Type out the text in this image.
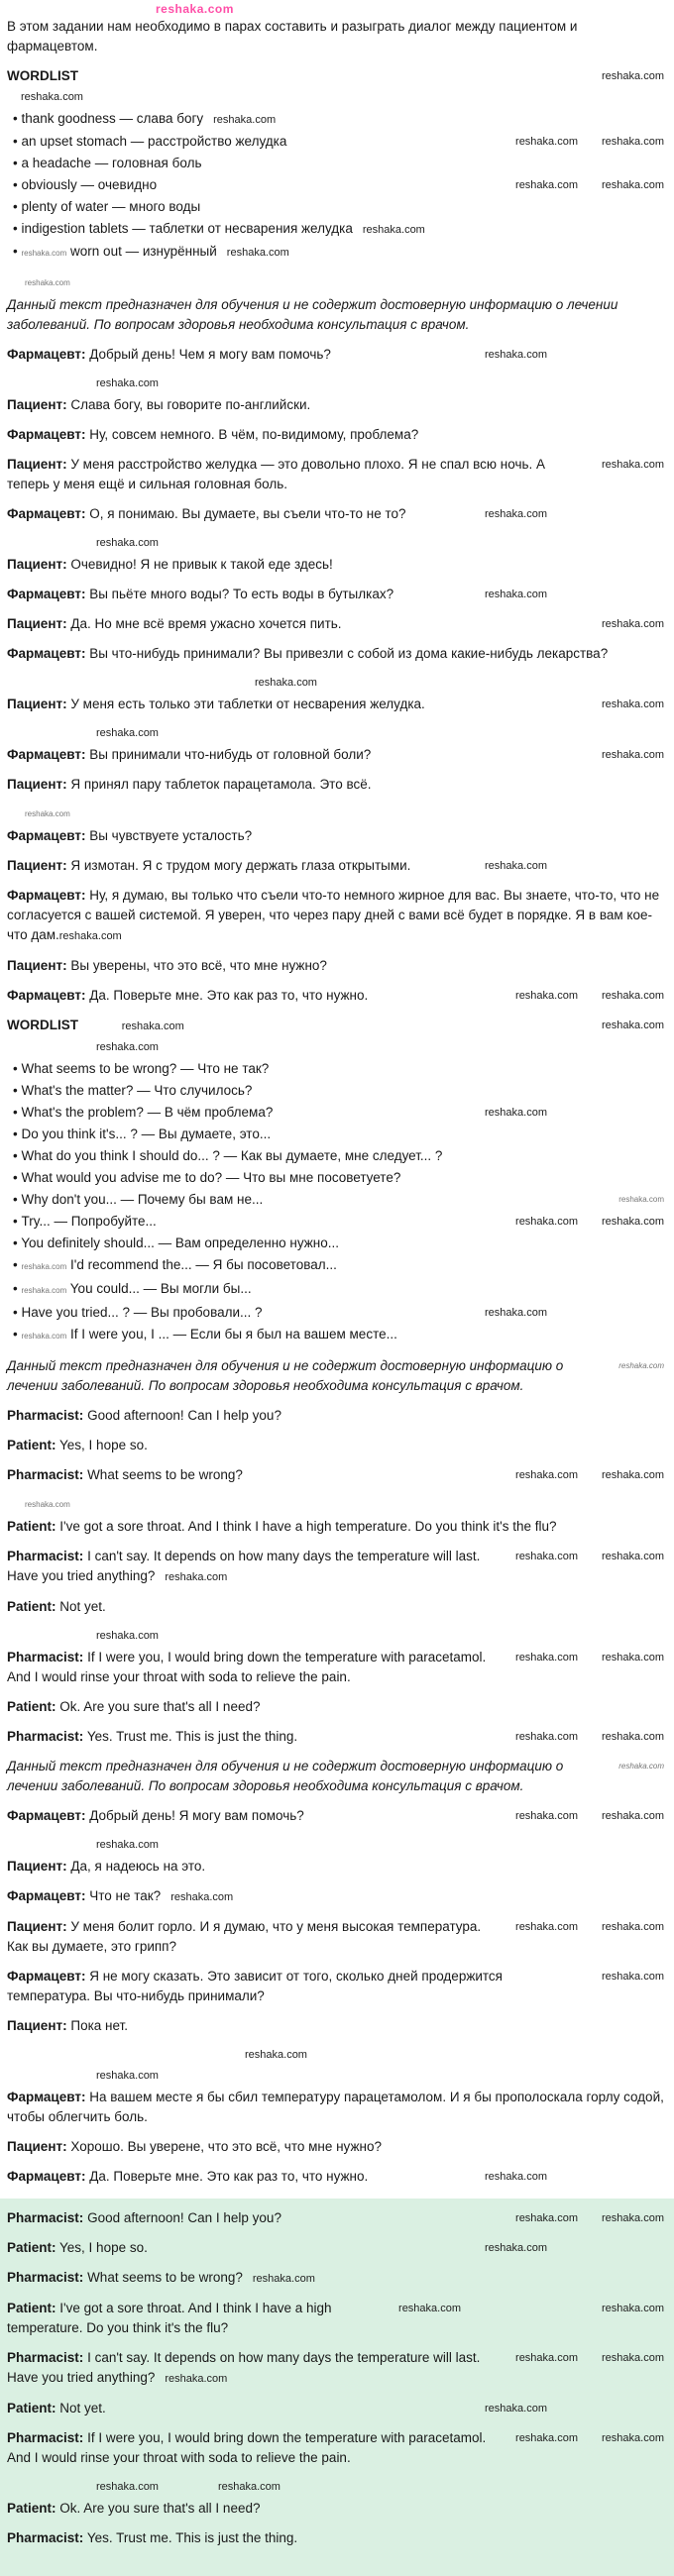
reshaka.com

В этом задании нам необходимо в парах составить и разыграть диалог между пациентом и фармацевтом.

reshaka.com
WORDLIST
reshaka.com
• thank goodness — слава богу reshaka.com
• reshaka.com
reshaka.com
an upset stomach — расстройство желудка
• a headache — головная боль
• reshaka.com
reshaka.com
obviously — очевидно
• plenty of water — много воды
• indigestion tablets — таблетки от несварения желудка reshaka.com
• reshaka.com worn out — изнурённый reshaka.com
reshaka.com

Данный текст предназначен для обучения и не содержит достоверную информацию о лечении заболеваний. По вопросам здоровья необходима консультация с врачом.

reshaka.com
Фармацевт: Добрый день! Чем я могу вам помочь?

reshaka.com

Пациент: Слава богу, вы говорите по-английски.

Фармацевт: Ну, совсем немного. В чём, по-видимому, проблема?

reshaka.com
Пациент: У меня расстройство желудка — это довольно плохо. Я не спал всю ночь. А теперь у меня ещё и сильная головная боль.

reshaka.com
Фармацевт: О, я понимаю. Вы думаете, вы съели что-то не то?

reshaka.com

Пациент: Очевидно! Я не привык к такой еде здесь!

reshaka.com
Фармацевт: Вы пьёте много воды? То есть воды в бутылках?

reshaka.com
Пациент: Да. Но мне всё время ужасно хочется пить.

Фармацевт: Вы что-нибудь принимали? Вы привезли с собой из дома какие-нибудь лекарства?

reshaka.com

reshaka.com
Пациент: У меня есть только эти таблетки от несварения желудка.

reshaka.com

reshaka.com
Фармацевт: Вы принимали что-нибудь от головной боли?

Пациент: Я принял пару таблеток парацетамола. Это всё.

reshaka.com

Фармацевт: Вы чувствуете усталость?

reshaka.com
Пациент: Я измотан. Я с трудом могу держать глаза открытыми.

Фармацевт: Ну, я думаю, вы только что съели что-то немного жирное для вас. Вы знаете, что-то, что не согласуется с вашей системой. Я уверен, что через пару дней с вами всё будет в порядке. Я в вам кое-что дам.reshaka.com

Пациент: Вы уверены, что это всё, что мне нужно?

reshaka.com
reshaka.com
Фармацевт: Да. Поверьте мне. Это как раз то, что нужно.

reshaka.com
WORDLIST	reshaka.com
reshaka.com
• What seems to be wrong? — Что не так?
• What's the matter? — Что случилось?
• reshaka.com
What's the problem? — В чём проблема?
• Do you think it's... ? — Вы думаете, это...
• What do you think I should do... ? — Как вы думаете, мне следует... ?
• What would you advise me to do? — Что вы мне посоветуете?
• reshaka.com
Why don't you... — Почему бы вам не...
• reshaka.com
reshaka.com
Try... — Попробуйте...
• You definitely should... — Вам определенно нужно...
• reshaka.com I'd recommend the... — Я бы посоветовал...
• reshaka.com You could... — Вы могли бы...
• reshaka.com
Have you tried... ? — Вы пробовали... ?
• reshaka.com If I were you, I ... — Если бы я был на вашем месте...

reshaka.com
Данный текст предназначен для обучения и не содержит достоверную информацию о лечении заболеваний. По вопросам здоровья необходима консультация с врачом.

Pharmacist: Good afternoon! Can I help you?

Patient: Yes, I hope so.

reshaka.com
reshaka.com
Pharmacist: What seems to be wrong?

reshaka.com

Patient: I've got a sore throat. And I think I have a high temperature. Do you think it's the flu?

reshaka.com
reshaka.com
Pharmacist: I can't say. It depends on how many days the temperature will last. Have you tried anything? reshaka.com

Patient: Not yet.

reshaka.com

reshaka.com
reshaka.com
Pharmacist: If I were you, I would bring down the temperature with paracetamol. And I would rinse your throat with soda to relieve the pain.

Patient: Ok. Are you sure that's all I need?

reshaka.com
reshaka.com
Pharmacist: Yes. Trust me. This is just the thing.

reshaka.com
Данный текст предназначен для обучения и не содержит достоверную информацию о лечении заболеваний. По вопросам здоровья необходима консультация с врачом.

reshaka.com
reshaka.com
Фармацевт: Добрый день! Я могу вам помочь?

reshaka.com

Пациент: Да, я надеюсь на это.

Фармацевт: Что не так? reshaka.com

reshaka.com
reshaka.com
Пациент: У меня болит горло. И я думаю, что у меня высокая температура. Как вы думаете, это грипп?

reshaka.com
Фармацевт: Я не могу сказать. Это зависит от того, сколько дней продержится температура. Вы что-нибудь принимали?

Пациент: Пока нет.

reshaka.com
reshaka.com

Фармацевт: На вашем месте я бы сбил температуру парацетамолом. И я бы прополоскала горлу содой, чтобы облегчить боль.

Пациент: Хорошо. Вы уверене, что это всё, что мне нужно?

reshaka.com
Фармацевт: Да. Поверьте мне. Это как раз то, что нужно.

reshaka.com
reshaka.com
Pharmacist: Good afternoon! Can I help you?

reshaka.com
Patient: Yes, I hope so.

Pharmacist: What seems to be wrong? reshaka.com

reshaka.com
reshaka.com
Patient: I've got a sore throat. And I think I have a high temperature. Do you think it's the flu?

reshaka.com
reshaka.com
Pharmacist: I can't say. It depends on how many days the temperature will last. Have you tried anything? reshaka.com

reshaka.com
Patient: Not yet.

reshaka.com
reshaka.com
Pharmacist: If I were you, I would bring down the temperature with paracetamol. And I would rinse your throat with soda to relieve the pain.

reshaka.com	reshaka.com

Patient: Ok. Are you sure that's all I need?

Pharmacist: Yes. Trust me. This is just the thing.
